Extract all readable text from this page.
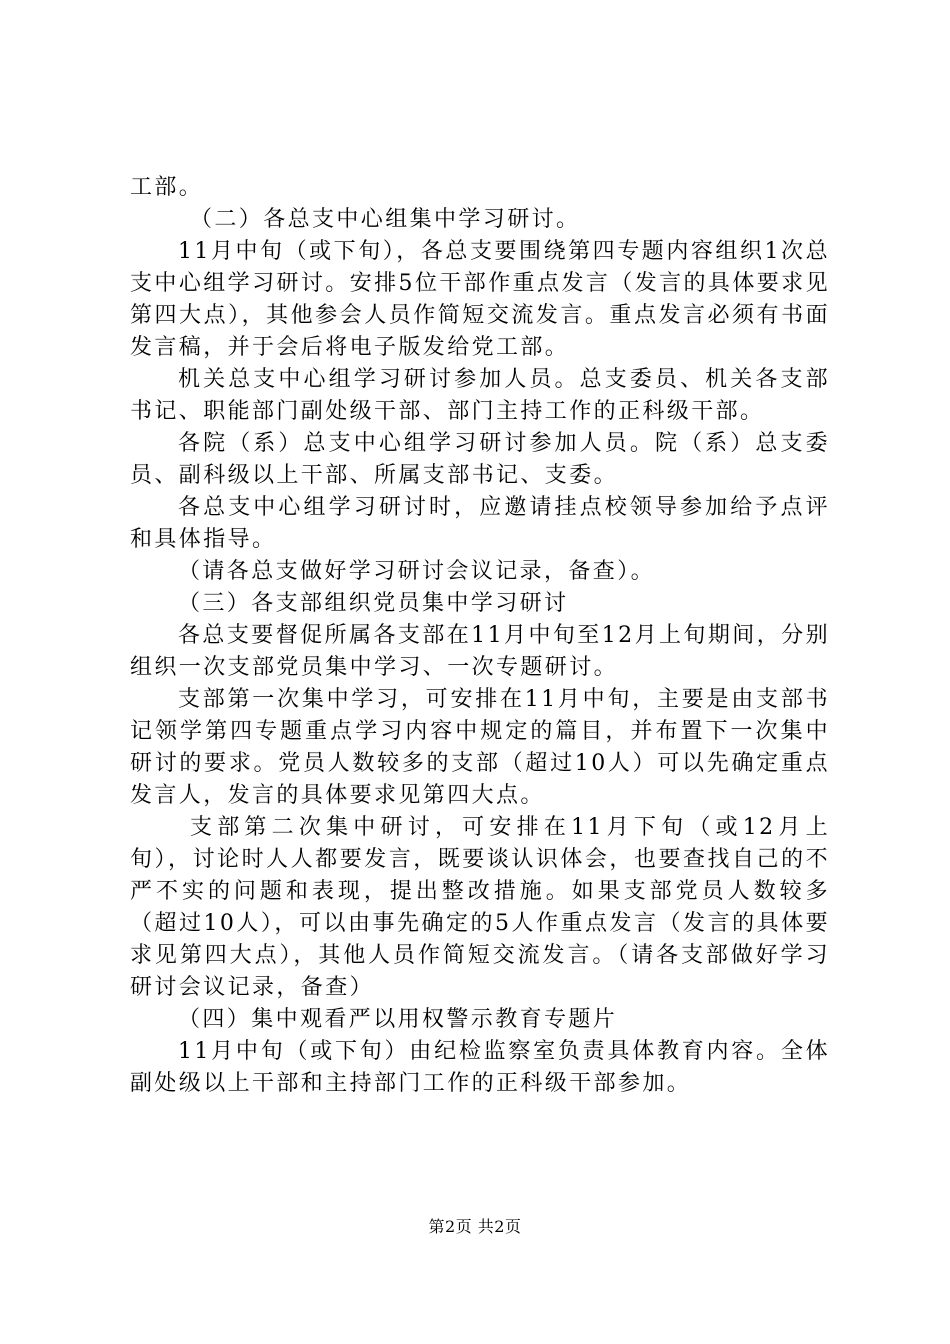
工部。

（二）各总支中心组集中学习研讨。

11月中旬（或下旬），各总支要围绕第四专题内容组织1次总支中心组学习研讨。安排5位干部作重点发言（发言的具体要求见第四大点），其他参会人员作简短交流发言。重点发言必须有书面发言稿，并于会后将电子版发给党工部。

机关总支中心组学习研讨参加人员。总支委员、机关各支部书记、职能部门副处级干部、部门主持工作的正科级干部。

各院（系）总支中心组学习研讨参加人员。院（系）总支委员、副科级以上干部、所属支部书记、支委。

各总支中心组学习研讨时，应邀请挂点校领导参加给予点评和具体指导。

（请各总支做好学习研讨会议记录，备查）。

（三）各支部组织党员集中学习研讨

各总支要督促所属各支部在11月中旬至12月上旬期间，分别组织一次支部党员集中学习、一次专题研讨。

支部第一次集中学习，可安排在11月中旬，主要是由支部书记领学第四专题重点学习内容中规定的篇目，并布置下一次集中研讨的要求。党员人数较多的支部（超过10人）可以先确定重点发言人，发言的具体要求见第四大点。

支部第二次集中研讨，可安排在11月下旬（或12月上旬），讨论时人人都要发言，既要谈认识体会，也要查找自己的不严不实的问题和表现，提出整改措施。如果支部党员人数较多（超过10人），可以由事先确定的5人作重点发言（发言的具体要求见第四大点），其他人员作简短交流发言。（请各支部做好学习研讨会议记录，备查）

（四）集中观看严以用权警示教育专题片

11月中旬（或下旬）由纪检监察室负责具体教育内容。全体副处级以上干部和主持部门工作的正科级干部参加。

第2页 共2页
